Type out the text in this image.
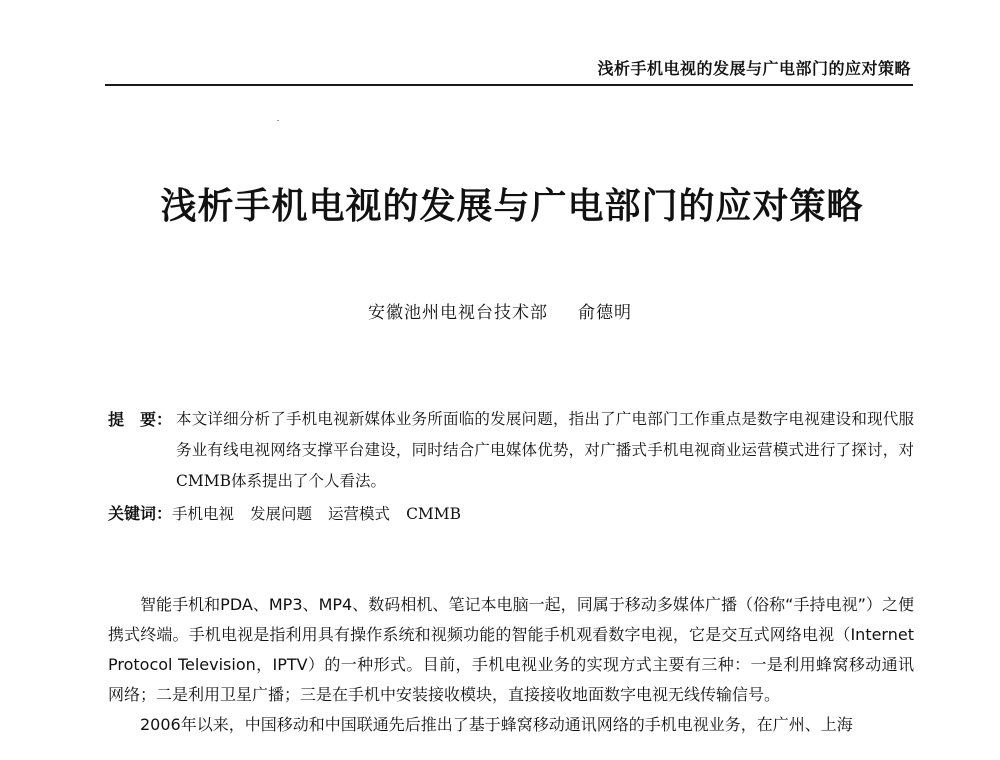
浅析手机电视的发展与广电部门的应对策略
浅析手机电视的发展与广电部门的应对策略
安徽池州电视台技术部 俞德明
提 要： 本文详细分析了手机电视新媒体业务所面临的发展问题，指出了广电部门工作重点是数字电视建设和现代服务业有线电视网络支撑平台建设，同时结合广电媒体优势，对广播式手机电视商业运营模式进行了探讨，对CMMB体系提出了个人看法。
关键词：手机电视 发展问题 运营模式 CMMB

智能手机和PDA、MP3、MP4、数码相机、笔记本电脑一起，同属于移动多媒体广播（俗称“手持电视”）之便携式终端。手机电视是指利用具有操作系统和视频功能的智能手机观看数字电视，它是交互式网络电视（Internet Protocol Television，IPTV）的一种形式。目前，手机电视业务的实现方式主要有三种：一是利用蜂窝移动通讯网络；二是利用卫星广播；三是在手机中安装接收模块，直接接收地面数字电视无线传输信号。

2006年以来，中国移动和中国联通先后推出了基于蜂窝移动通讯网络的手机电视业务，在广州、上海
